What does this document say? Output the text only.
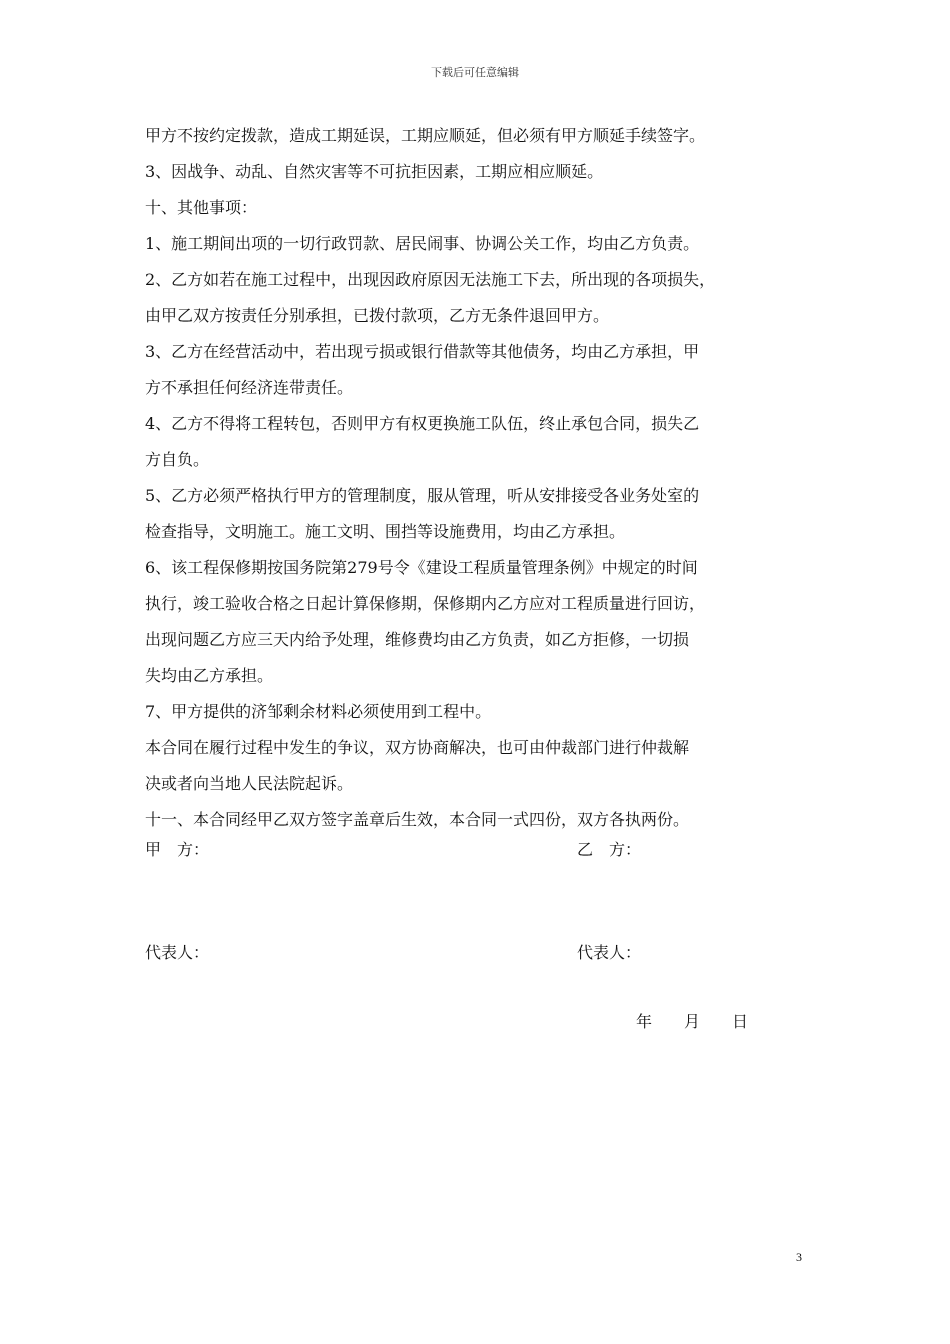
下载后可任意编辑
甲方不按约定拨款，造成工期延误，工期应顺延，但必须有甲方顺延手续签字。
3、因战争、动乱、自然灾害等不可抗拒因素，工期应相应顺延。
十、其他事项：
1、施工期间出项的一切行政罚款、居民闹事、协调公关工作，均由乙方负责。
2、乙方如若在施工过程中，出现因政府原因无法施工下去，所出现的各项损失，
由甲乙双方按责任分别承担，已拨付款项，乙方无条件退回甲方。
3、乙方在经营活动中，若出现亏损或银行借款等其他债务，均由乙方承担，甲
方不承担任何经济连带责任。
4、乙方不得将工程转包，否则甲方有权更换施工队伍，终止承包合同，损失乙
方自负。
5、乙方必须严格执行甲方的管理制度，服从管理，听从安排接受各业务处室的
检查指导，文明施工。施工文明、围挡等设施费用，均由乙方承担。
6、该工程保修期按国务院第279号令《建设工程质量管理条例》中规定的时间
执行，竣工验收合格之日起计算保修期，保修期内乙方应对工程质量进行回访，
出现问题乙方应三天内给予处理，维修费均由乙方负责，如乙方拒修，一切损
失均由乙方承担。
7、甲方提供的济邹剩余材料必须使用到工程中。
本合同在履行过程中发生的争议，双方协商解决，也可由仲裁部门进行仲裁解
决或者向当地人民法院起诉。
十一、本合同经甲乙双方签字盖章后生效，本合同一式四份，双方各执两份。
甲　方：	乙　方：
代表人：	代表人：
年　　月　　日
3
